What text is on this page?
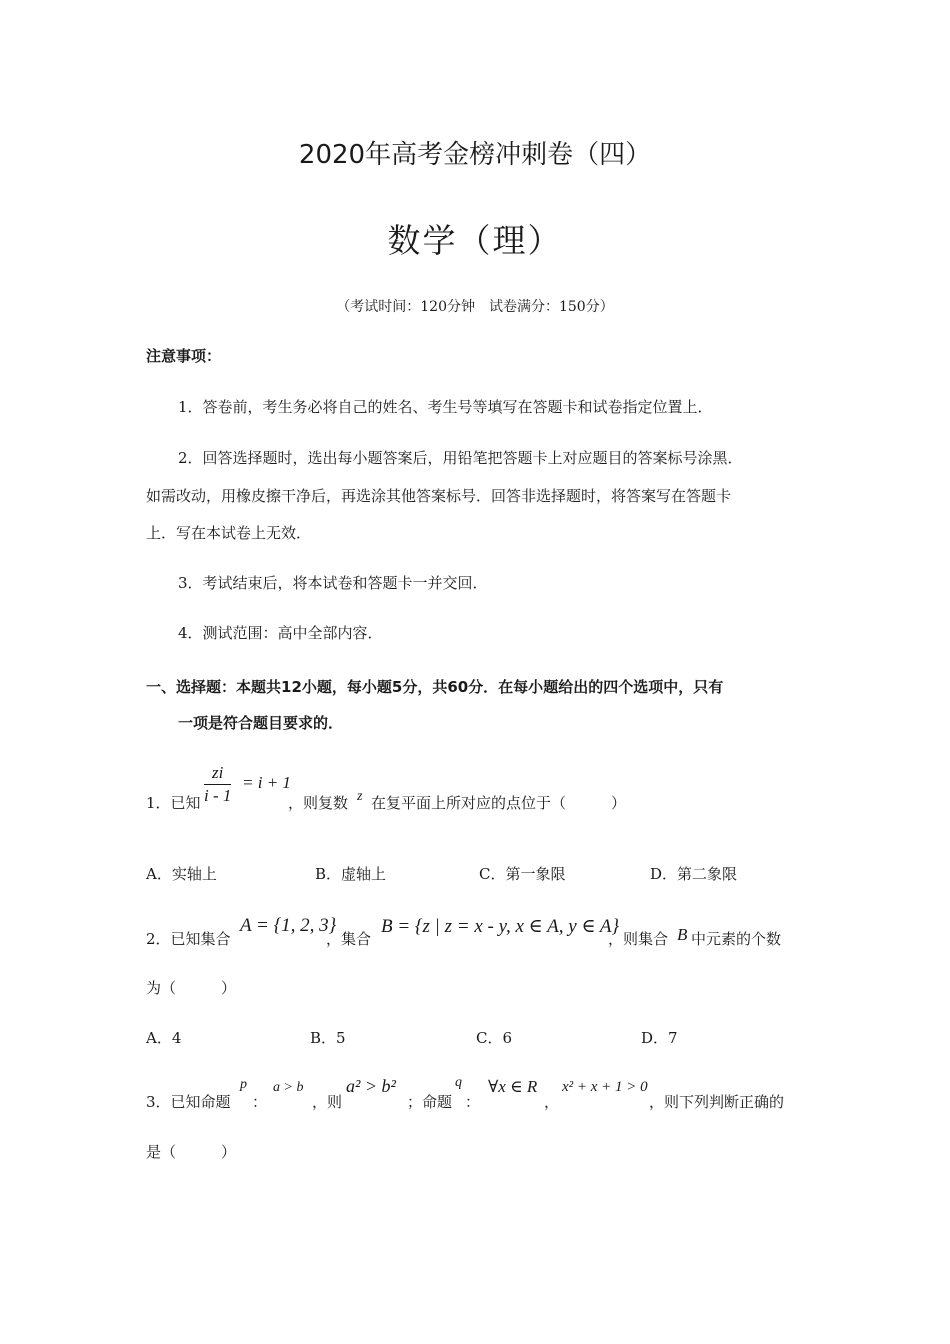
2020年高考金榜冲刺卷（四）
数学（理）
（考试时间：120分钟　试卷满分：150分）
注意事项：
1．答卷前，考生务必将自己的姓名、考生号等填写在答题卡和试卷指定位置上．
2．回答选择题时，选出每小题答案后，用铅笔把答题卡上对应题目的答案标号涂黑．
如需改动，用橡皮擦干净后，再选涂其他答案标号．回答非选择题时，将答案写在答题卡
上．写在本试卷上无效．
3．考试结束后，将本试卷和答题卡一并交回．
4．测试范围：高中全部内容．
一、选择题：本题共12小题，每小题5分，共60分．在每小题给出的四个选项中，只有
一项是符合题目要求的．
1．已知 $\frac{zi}{i - 1} = i + 1$
，则复数 z 在复平面上所对应的点位于（　　　）
A．实轴上	B．虚轴上	C．第一象限	D．第二象限
2．已知集合
A = {1, 2, 3}
，集合
B = {z | z = x - y, x ∈ A, y ∈ A}
，则集合 B 中元素的个数
为（　　　）
A．4	B．5	C．6	D．7
3．已知命题
p
：
a > b
，则
a² > b²
；命题
q
：
∀x ∈ R
，
x² + x + 1 > 0
，则下列判断正确的
是（　　　）
